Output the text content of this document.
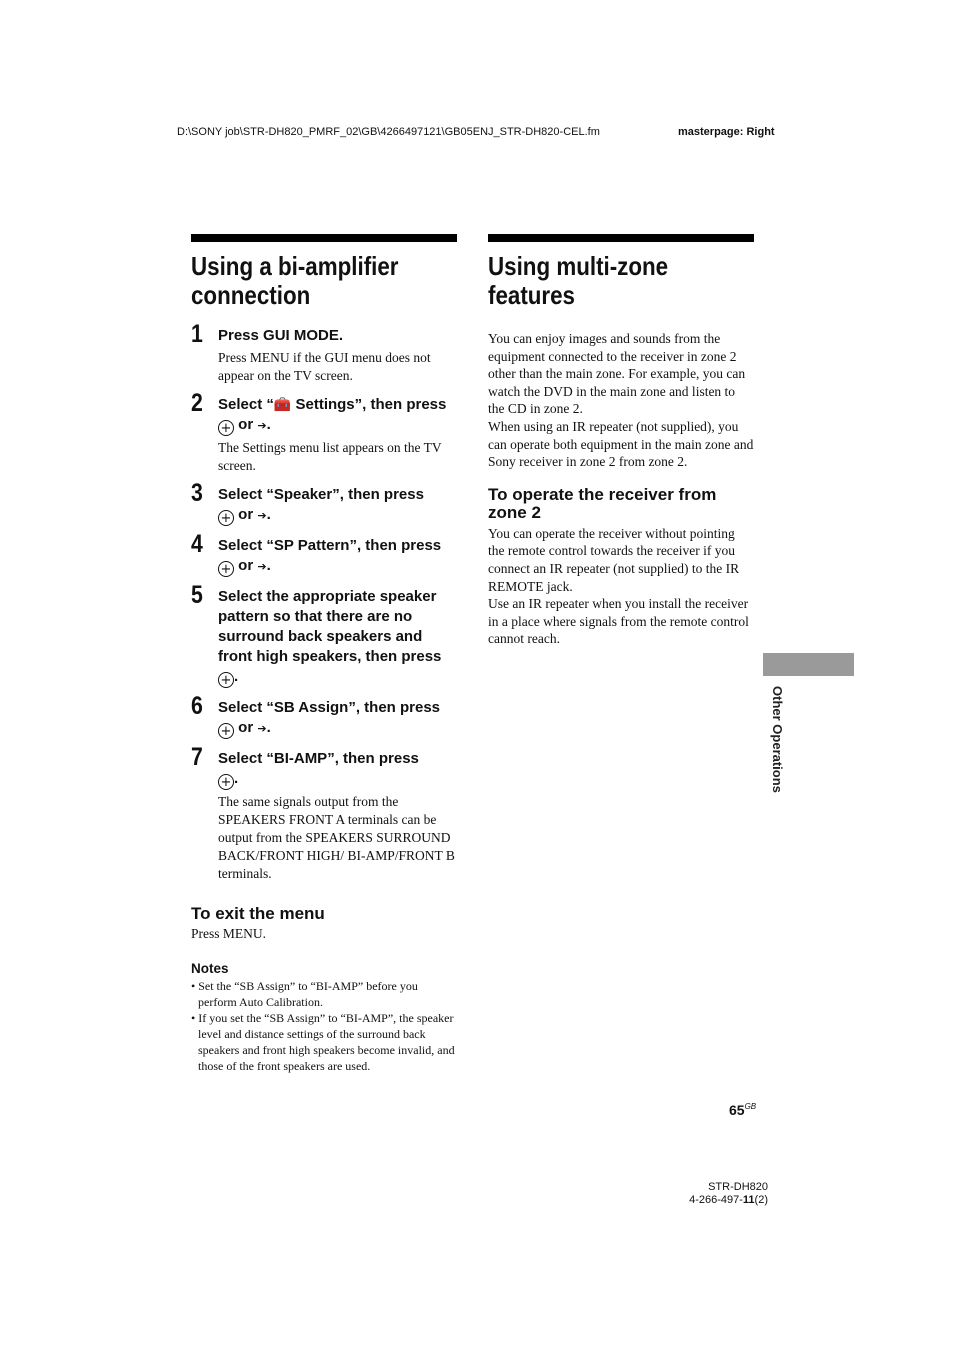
D:\SONY job\STR-DH820_PMRF_02\GB\4266497121\GB05ENJ_STR-DH820-CEL.fm	masterpage: Right
Using a bi-amplifier
connection
1 Press GUI MODE.
Press MENU if the GUI menu does not appear on the TV screen.
2 Select “🧰 Settings”, then press + or ➔.
The Settings menu list appears on the TV screen.
3 Select “Speaker”, then press
+ or ➔.
4 Select “SP Pattern”, then press
+ or ➔.
5 Select the appropriate speaker pattern so that there are no surround back speakers and front high speakers, then press
+ .
6 Select “SB Assign”, then press
+ or ➔.
7 Select “BI-AMP”, then press
+ .
The same signals output from the SPEAKERS FRONT A terminals can be output from the SPEAKERS SURROUND BACK/FRONT HIGH/ BI-AMP/FRONT B terminals.
To exit the menu
Press MENU.
Notes
• Set the “SB Assign” to “BI-AMP” before you perform Auto Calibration.
• If you set the “SB Assign” to “BI-AMP”, the speaker level and distance settings of the surround back speakers and front high speakers become invalid, and those of the front speakers are used.
Using multi-zone
features
You can enjoy images and sounds from the equipment connected to the receiver in zone 2 other than the main zone. For example, you can watch the DVD in the main zone and listen to the CD in zone 2.
When using an IR repeater (not supplied), you can operate both equipment in the main zone and Sony receiver in zone 2 from zone 2.
To operate the receiver from zone 2
You can operate the receiver without pointing the remote control towards the receiver if you connect an IR repeater (not supplied) to the IR REMOTE jack.
Use an IR repeater when you install the receiver in a place where signals from the remote control cannot reach.
Other Operations
$65^{GB}$
STR-DH820
4-266-497-11(2)
